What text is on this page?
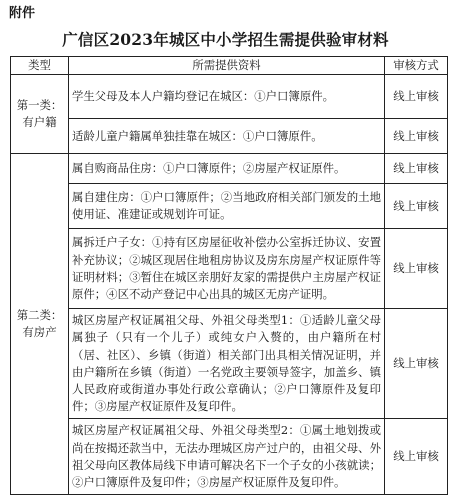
附件
广信区2023年城区中小学招生需提供验审材料
类型	所需提供资料	审核方式
第一类：有户籍	学生父母及本人户籍均登记在城区：①户口簿原件。	线上审核
	适龄儿童户籍属单独挂靠在城区：①户口簿原件。	线上审核
第二类：有房产	属自购商品住房：①户口簿原件；②房屋产权证原件。	线上审核
	属自建住房：①户口簿原件；②当地政府相关部门颁发的土地使用证、准建证或规划许可证。	线上审核
	属拆迁户子女：①持有区房屋征收补偿办公室拆迁协议、安置补充协议；②城区现居住地租房协议及房东房屋产权证原件等证明材料；③暂住在城区亲朋好友家的需提供户主房屋产权证原件；④区不动产登记中心出具的城区无房产证明。	线上审核
	城区房屋产权证属祖父母、外祖父母类型1：①适龄儿童父母属独子（只有一个儿子）或纯女户入赘的，由户籍所在村（居、社区）、乡镇（街道）相关部门出具相关情况证明，并由户籍所在乡镇（街道）一名党政主要领导签字，加盖乡、镇人民政府或街道办事处行政公章确认；②户口簿原件及复印件；③房屋产权证原件及复印件。	线上审核
	城区房屋产权证属祖父母、外祖父母类型2：①属土地划拨或尚在按揭还款当中，无法办理城区房产过户的，由祖父母、外祖父母向区教体局线下申请可解决名下一个子女的小孩就读；②户口簿原件及复印件；③房屋产权证原件及复印件。	线上审核
